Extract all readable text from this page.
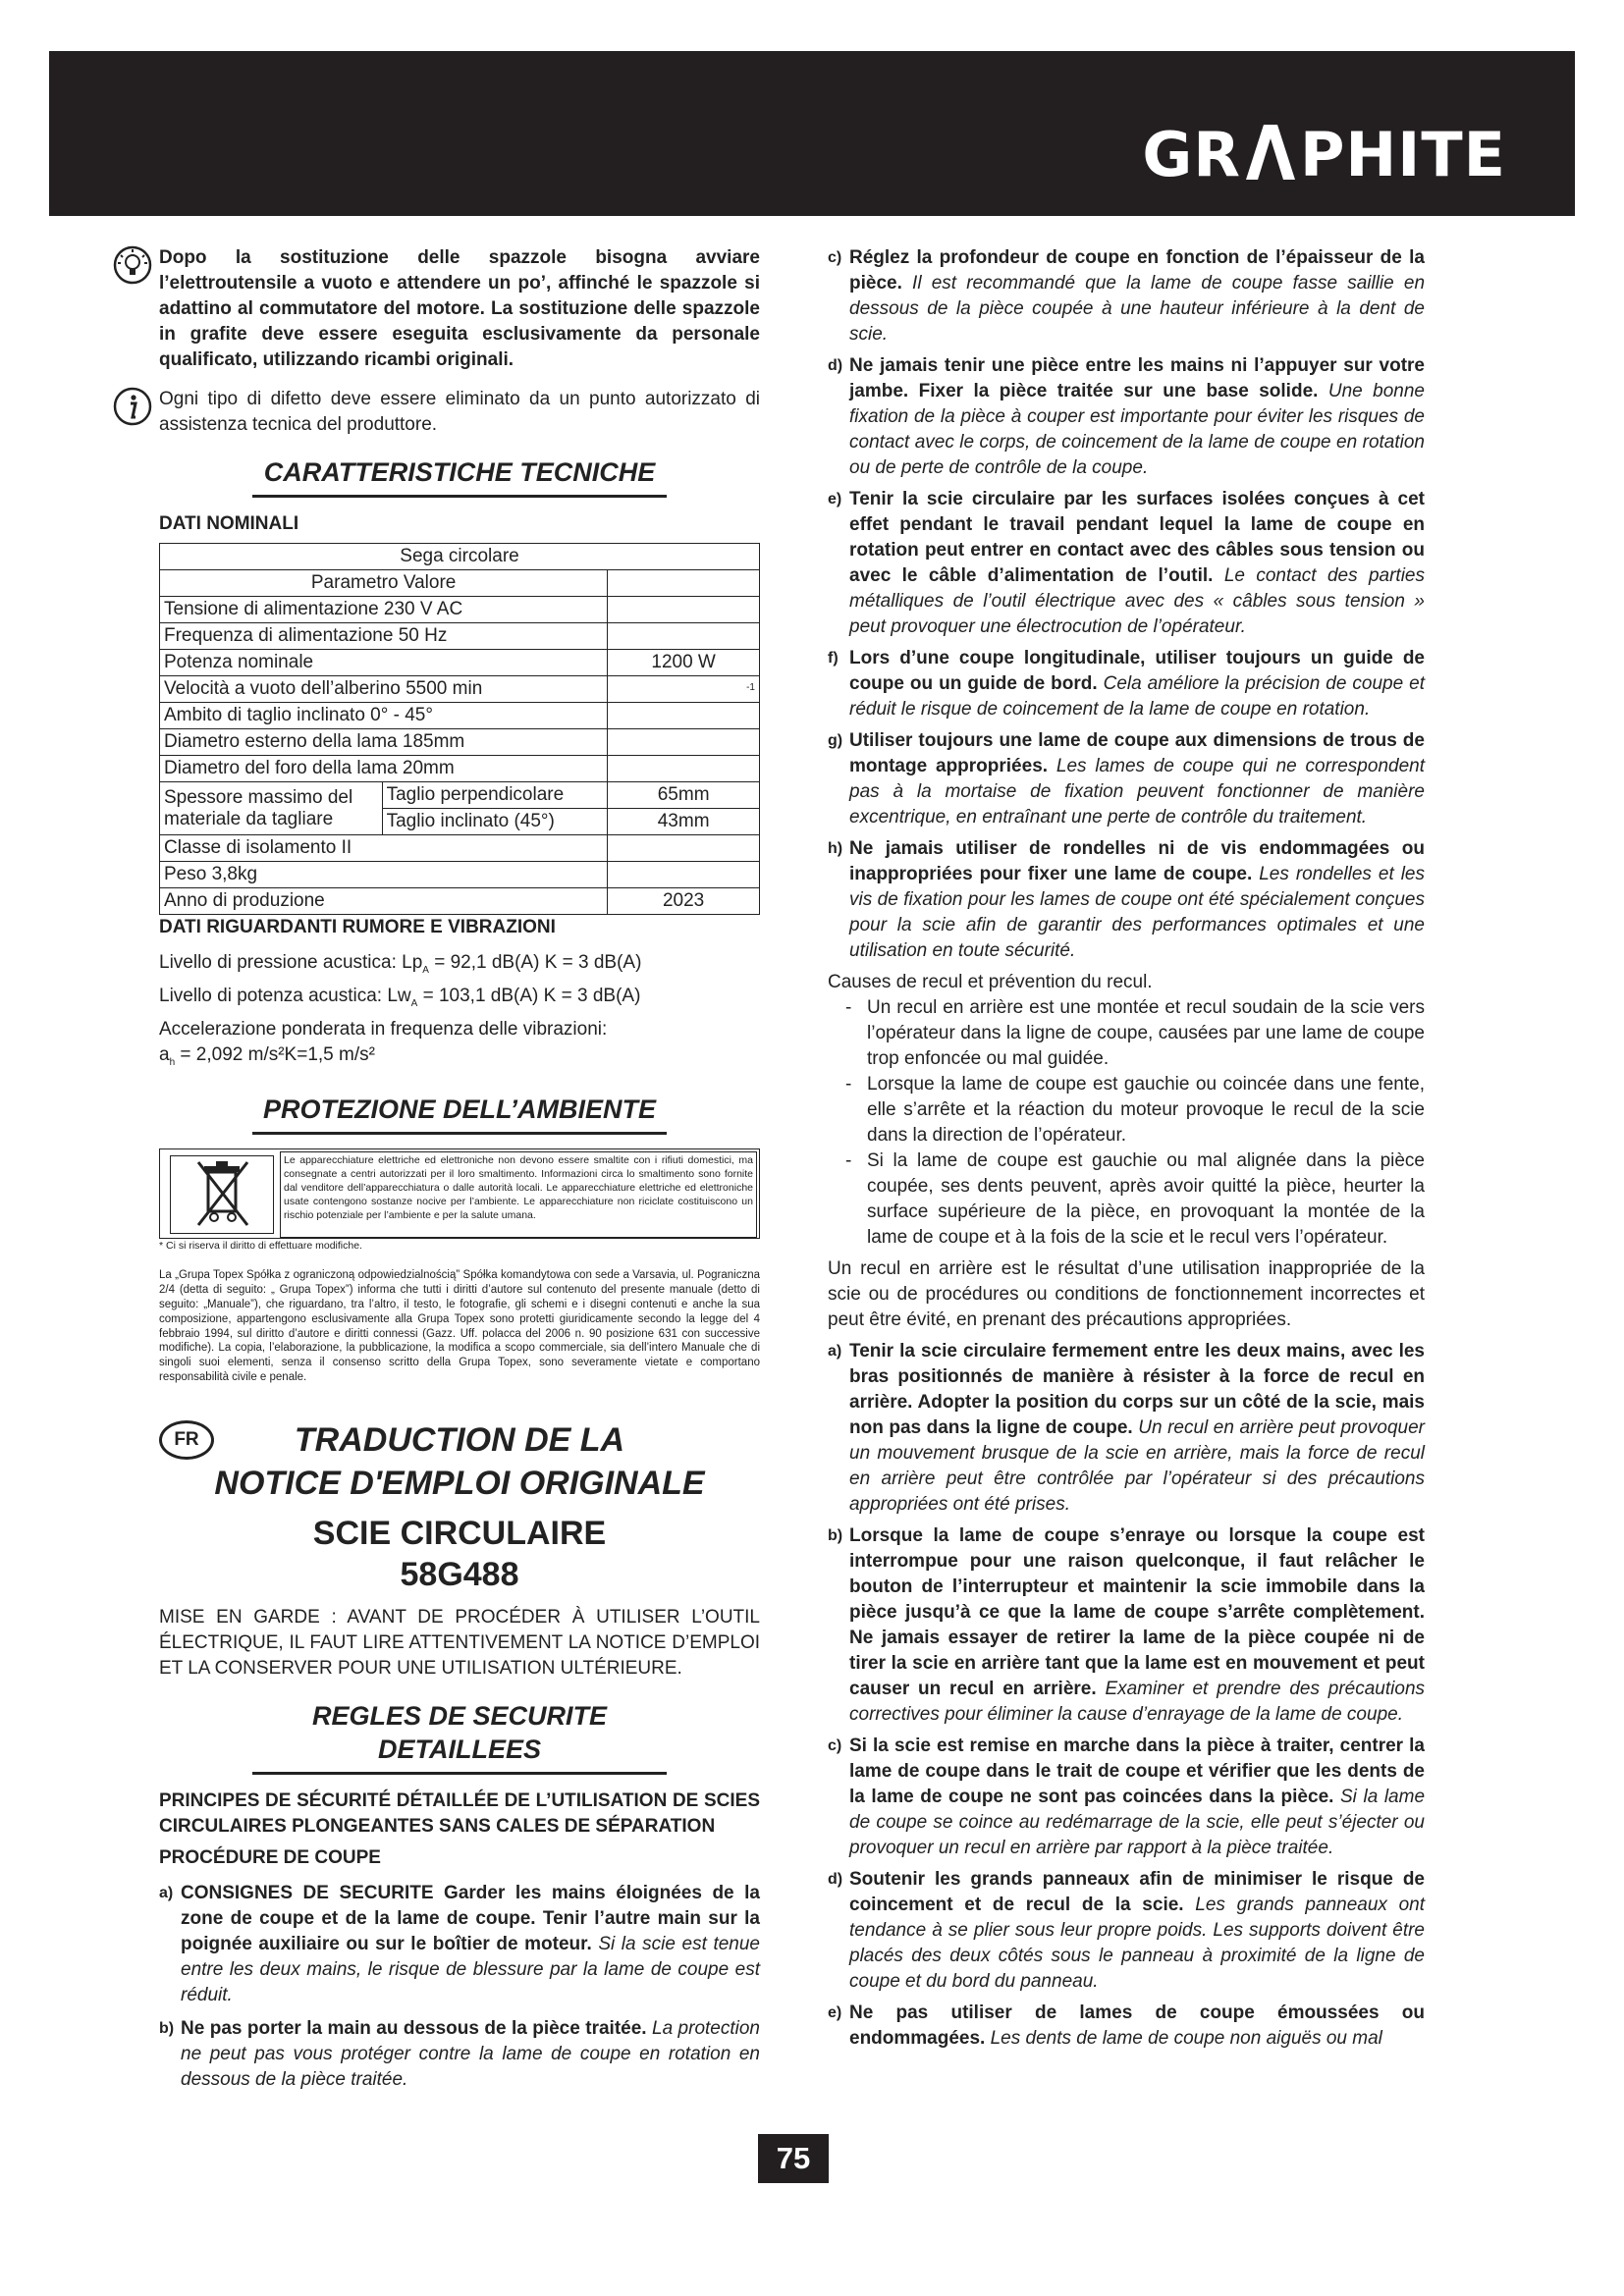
GR PHITE

Dopo la sostituzione delle spazzole bisogna avviare l’elettroutensile a vuoto e attendere un po’, affinché le spazzole si adattino al commutatore del motore. La sostituzione delle spazzole in grafite deve essere eseguita esclusivamente da personale qualificato, utilizzando ricambi originali.

Ogni tipo di difetto deve essere eliminato da un punto autorizzato di assistenza tecnica del produttore.

CARATTERISTICHE TECNICHE
DATI NOMINALI
Sega circolare		
Parametro Valore		
Tensione di alimentazione 230 V AC		
Frequenza di alimentazione 50 Hz		
Potenza nominale		1200 W
Velocità a vuoto dell’alberino 5500 min		-1
Ambito di taglio inclinato 0° - 45°		
Diametro esterno della lama 185mm		
Diametro del foro della lama 20mm		
Spessore massimo del materiale da tagliare	Taglio perpendicolare	65mm
	Taglio inclinato (45°)	43mm
Classe di isolamento II		
Peso 3,8kg		
Anno di produzione		2023
DATI RIGUARDANTI RUMORE E VIBRAZIONI
Livello di pressione acustica: $Lp_A = 92,1$ dB(A) K = 3 dB(A)
Livello di potenza acustica: $Lw_A = 103,1$ dB(A) K = 3 dB(A)

Accelerazione ponderata in frequenza delle vibrazioni:

$a_h = 2,092$ m/s²K=1,5 m/s²
PROTEZIONE DELL’AMBIENTE
Le apparecchiature elettriche ed elettroniche non devono essere smaltite con i rifiuti domestici, ma consegnate a centri autorizzati per il loro smaltimento. Informazioni circa lo smaltimento sono fornite dal venditore dell’apparecchiatura o dalle autorità locali. Le apparecchiature elettriche ed elettroniche usate contengono sostanze nocive per l’ambiente. Le apparecchiature non riciclate costituiscono un rischio potenziale per l’ambiente e per la salute umana.
* Ci si riserva il diritto di effettuare modifiche.

La „Grupa Topex Spółka z ograniczoną odpowiedzialnością” Spółka komandytowa con sede a Varsavia, ul. Pograniczna 2/4 (detta di seguito: „ Grupa Topex”) informa che tutti i diritti d’autore sul contenuto del presente manuale (detto di seguito: „Manuale”), che riguardano, tra l’altro, il testo, le fotografie, gli schemi e i disegni contenuti e anche la sua composizione, appartengono esclusivamente alla Grupa Topex sono protetti giuridicamente secondo la legge del 4 febbraio 1994, sul diritto d’autore e diritti connessi (Gazz. Uff. polacca del 2006 n. 90 posizione 631 con successive modifiche). La copia, l’elaborazione, la pubblicazione, la modifica a scopo commerciale, sia dell’intero Manuale che di singoli suoi elementi, senza il consenso scritto della Grupa Topex, sono severamente vietate e comportano responsabilità civile e penale.

FR	TRADUCTION DE LA
NOTICE D'EMPLOI ORIGINALE
SCIE CIRCULAIRE
58G488

MISE EN GARDE : AVANT DE PROCÉDER À UTILISER L’OUTIL ÉLECTRIQUE, IL FAUT LIRE ATTENTIVEMENT LA NOTICE D’EMPLOI ET LA CONSERVER POUR UNE UTILISATION ULTÉRIEURE.

REGLES DE SECURITE DETAILLEES

PRINCIPES DE SÉCURITÉ DÉTAILLÉE DE L’UTILISATION DE SCIES CIRCULAIRES PLONGEANTES SANS CALES DE SÉPARATION

PROCÉDURE DE COUPE
a) CONSIGNES DE SECURITE Garder les mains éloignées de la zone de coupe et de la lame de coupe. Tenir l’autre main sur la poignée auxiliaire ou sur le boîtier de moteur. Si la scie est tenue entre les deux mains, le risque de blessure par la lame de coupe est réduit.
b) Ne pas porter la main au dessous de la pièce traitée. La protection ne peut pas vous protéger contre la lame de coupe en rotation en dessous de la pièce traitée.
c) Réglez la profondeur de coupe en fonction de l’épaisseur de la pièce. Il est recommandé que la lame de coupe fasse saillie en dessous de la pièce coupée à une hauteur inférieure à la dent de scie.
d) Ne jamais tenir une pièce entre les mains ni l’appuyer sur votre jambe. Fixer la pièce traitée sur une base solide. Une bonne fixation de la pièce à couper est importante pour éviter les risques de contact avec le corps, de coincement de la lame de coupe en rotation ou de perte de contrôle de la coupe.
e) Tenir la scie circulaire par les surfaces isolées conçues à cet effet pendant le travail pendant lequel la lame de coupe en rotation peut entrer en contact avec des câbles sous tension ou avec le câble d’alimentation de l’outil. Le contact des parties métalliques de l’outil électrique avec des « câbles sous tension » peut provoquer une électrocution de l’opérateur.
f) Lors d’une coupe longitudinale, utiliser toujours un guide de coupe ou un guide de bord. Cela améliore la précision de coupe et réduit le risque de coincement de la lame de coupe en rotation.
g) Utiliser toujours une lame de coupe aux dimensions de trous de montage appropriées. Les lames de coupe qui ne correspondent pas à la mortaise de fixation peuvent fonctionner de manière excentrique, en entraînant une perte de contrôle du traitement.
h) Ne jamais utiliser de rondelles ni de vis endommagées ou inappropriées pour fixer une lame de coupe. Les rondelles et les vis de fixation pour les lames de coupe ont été spécialement conçues pour la scie afin de garantir des performances optimales et une utilisation en toute sécurité.

Causes de recul et prévention du recul.

- Un recul en arrière est une montée et recul soudain de la scie vers l’opérateur dans la ligne de coupe, causées par une lame de coupe trop enfoncée ou mal guidée.
- Lorsque la lame de coupe est gauchie ou coincée dans une fente, elle s’arrête et la réaction du moteur provoque le recul de la scie dans la direction de l’opérateur.
- Si la lame de coupe est gauchie ou mal alignée dans la pièce coupée, ses dents peuvent, après avoir quitté la pièce, heurter la surface supérieure de la pièce, en provoquant la montée de la lame de coupe et à la fois de la scie et le recul vers l’opérateur.

Un recul en arrière est le résultat d’une utilisation inappropriée de la scie ou de procédures ou conditions de fonctionnement incorrectes et peut être évité, en prenant des précautions appropriées.

a) Tenir la scie circulaire fermement entre les deux mains, avec les bras positionnés de manière à résister à la force de recul en arrière. Adopter la position du corps sur un côté de la scie, mais non pas dans la ligne de coupe. Un recul en arrière peut provoquer un mouvement brusque de la scie en arrière, mais la force de recul en arrière peut être contrôlée par l’opérateur si des précautions appropriées ont été prises.
b) Lorsque la lame de coupe s’enraye ou lorsque la coupe est interrompue pour une raison quelconque, il faut relâcher le bouton de l’interrupteur et maintenir la scie immobile dans la pièce jusqu’à ce que la lame de coupe s’arrête complètement. Ne jamais essayer de retirer la lame de la pièce coupée ni de tirer la scie en arrière tant que la lame est en mouvement et peut causer un recul en arrière. Examiner et prendre des précautions correctives pour éliminer la cause d’enrayage de la lame de coupe.
c) Si la scie est remise en marche dans la pièce à traiter, centrer la lame de coupe dans le trait de coupe et vérifier que les dents de la lame de coupe ne sont pas coincées dans la pièce. Si la lame de coupe se coince au redémarrage de la scie, elle peut s’éjecter ou provoquer un recul en arrière par rapport à la pièce traitée.
d) Soutenir les grands panneaux afin de minimiser le risque de coincement et de recul de la scie. Les grands panneaux ont tendance à se plier sous leur propre poids. Les supports doivent être placés des deux côtés sous le panneau à proximité de la ligne de coupe et du bord du panneau.
e) Ne pas utiliser de lames de coupe émoussées ou endommagées. Les dents de lame de coupe non aiguës ou mal
75
